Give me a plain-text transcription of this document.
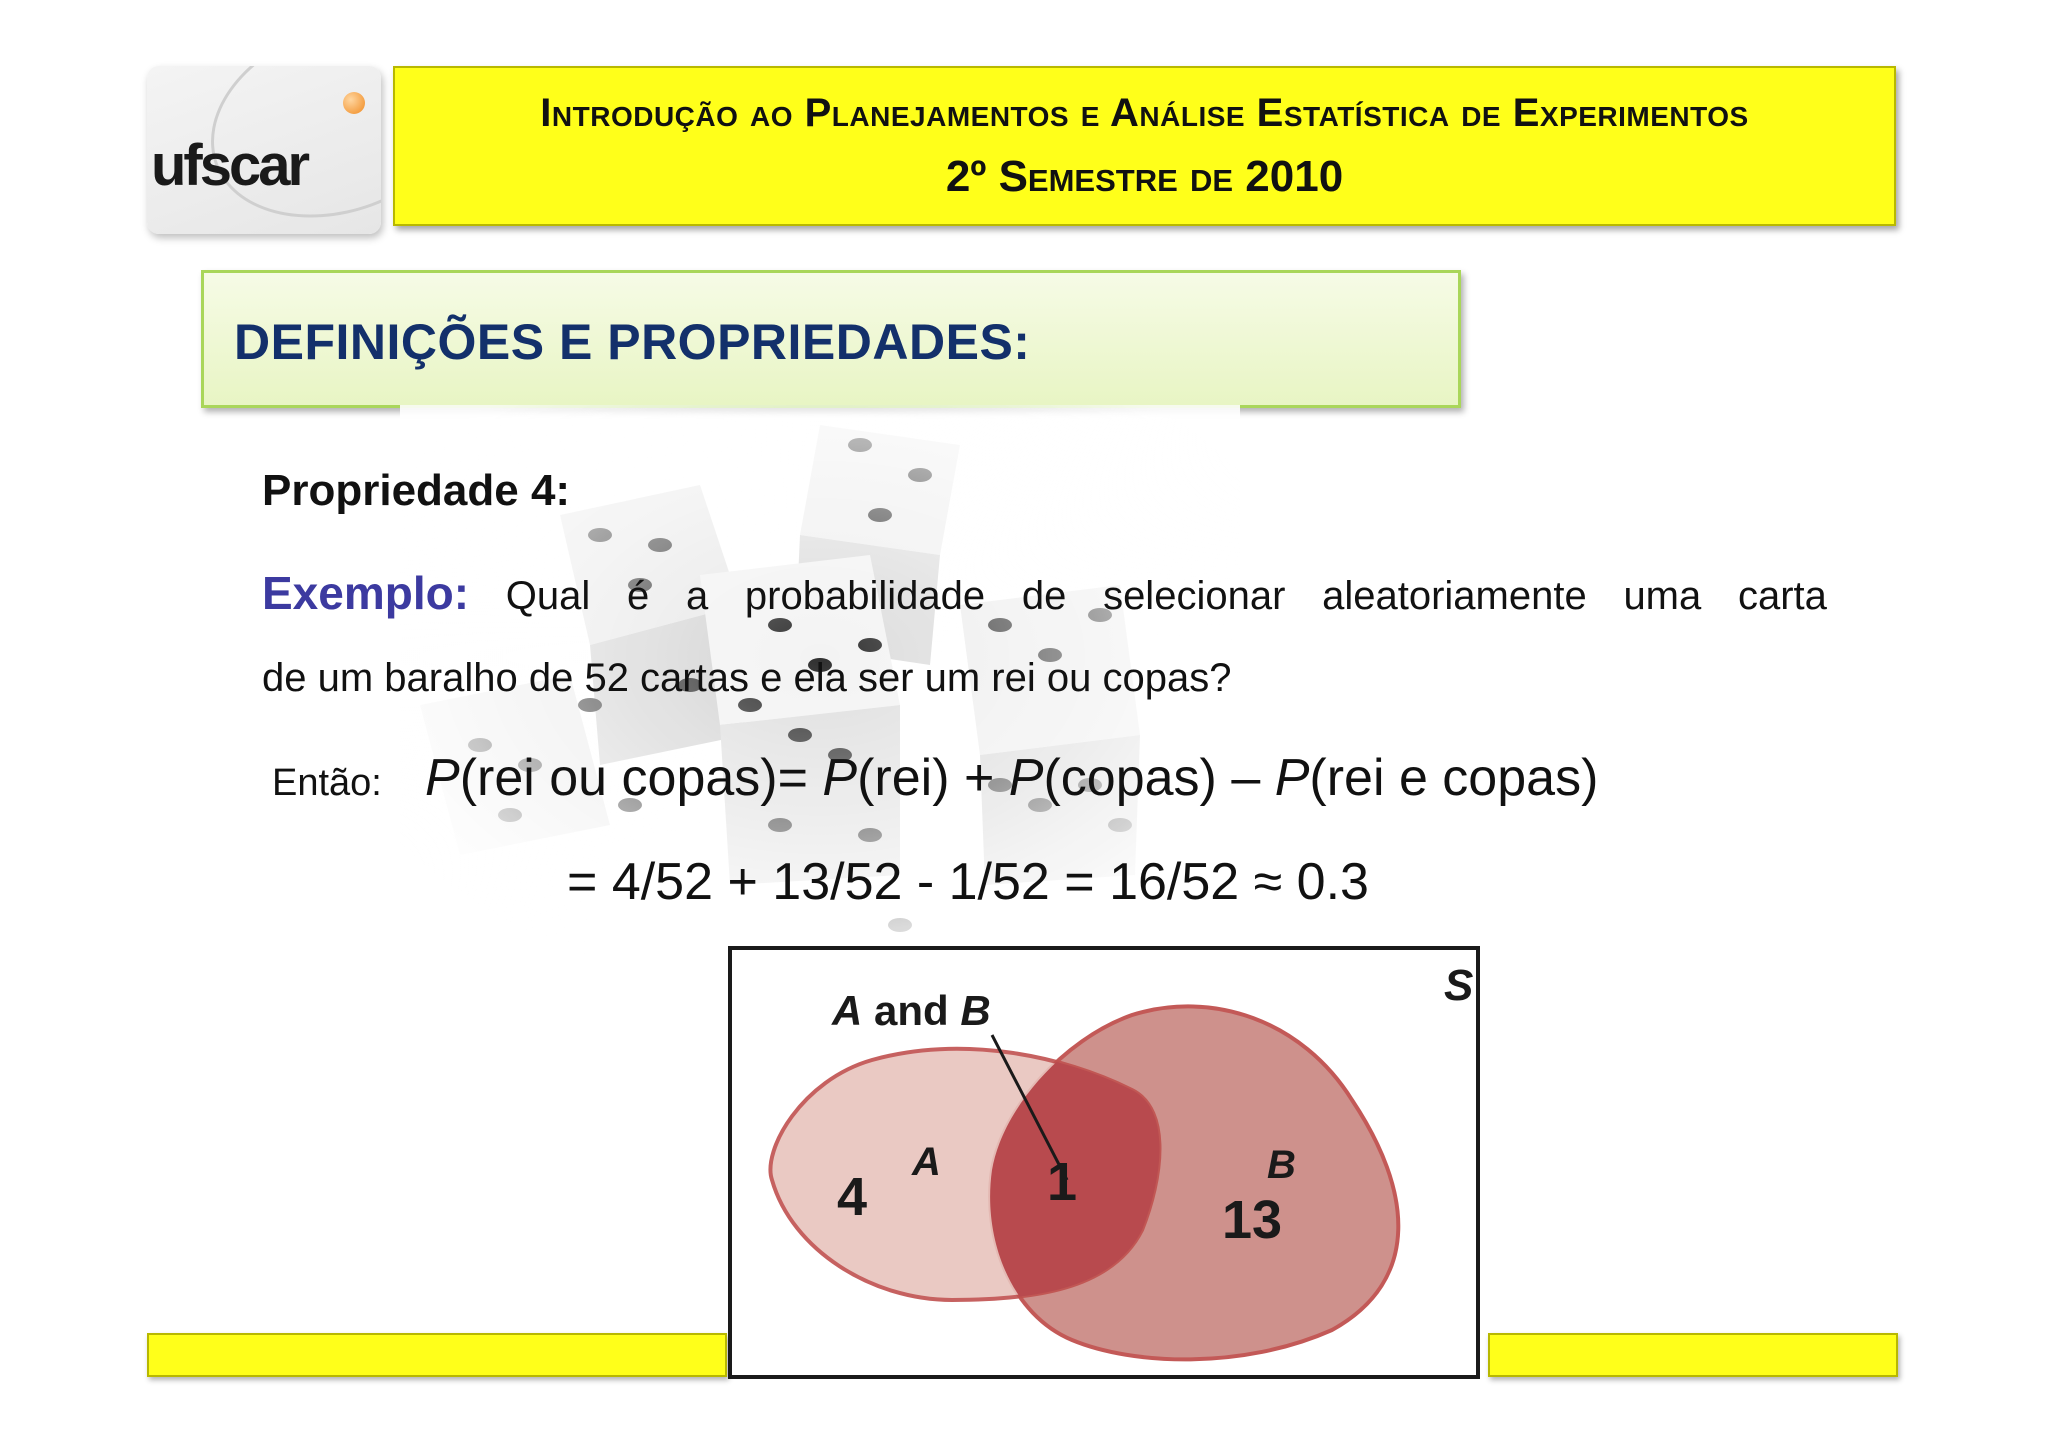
ufscar
Introdução ao Planejamentos e Análise Estatística de Experimentos
2º Semestre de 2010
DEFINIÇÕES E PROPRIEDADES:
Propriedade 4:
Exemplo: Qual é a probabilidade de selecionar aleatoriamente uma carta
de um baralho de 52 cartas e ela ser um rei ou copas?
Então: P(rei ou copas)= P(rei) + P(copas) – P(rei e copas)
= 4/52 + 13/52 - 1/52 = 16/52 ≈ 0.3
S
A and B
A	B
4	1
13
